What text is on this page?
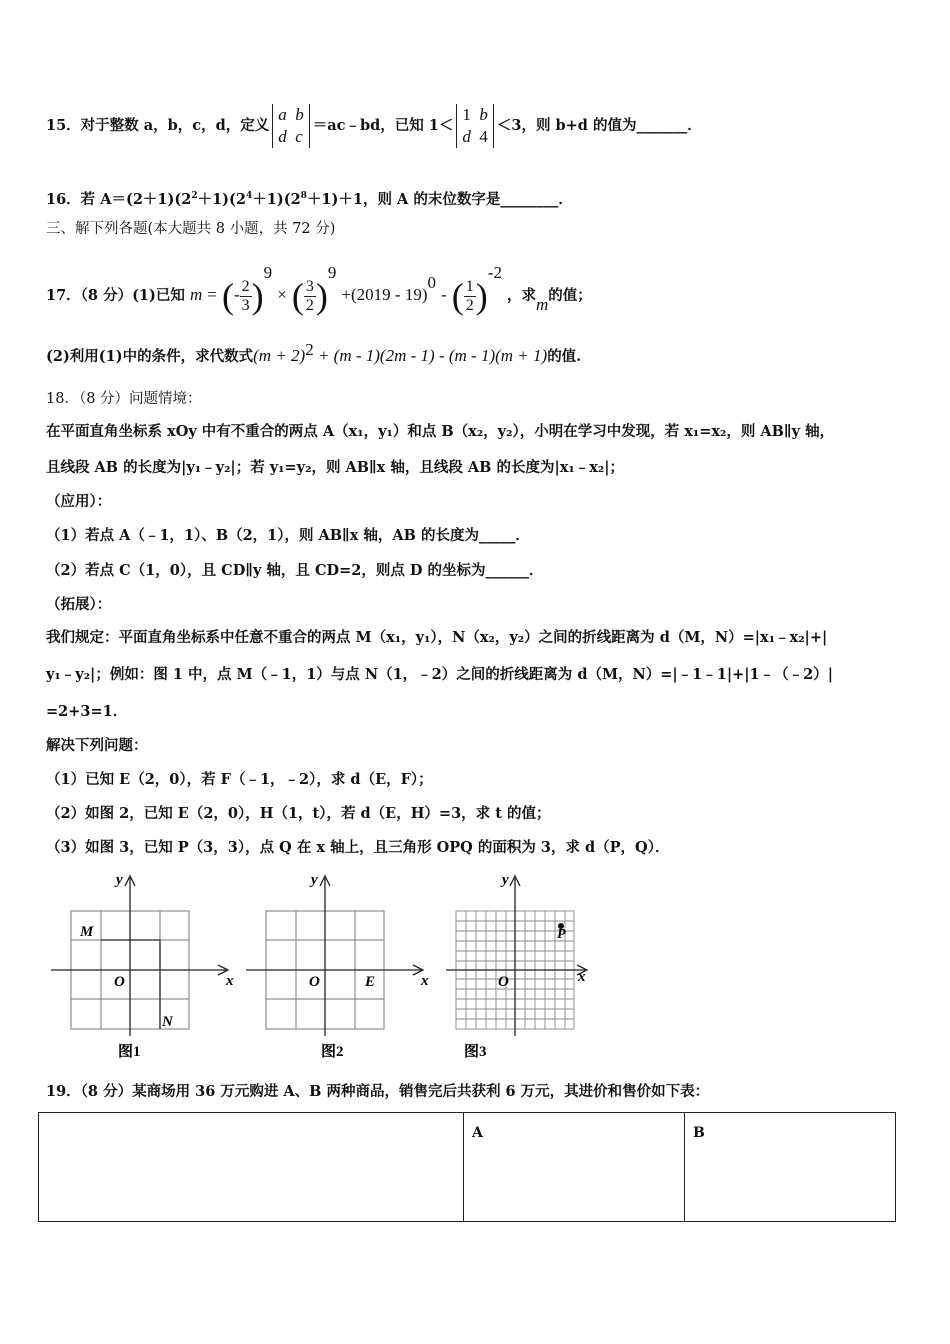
15．对于整数 a，b，c，d，定义
a b
d c
＝ac﹣bd，已知 1＜
1 b
d 4
＜3，则 b+d 的值为_______．
16．若 $A=(2+1)(2^2+1)(2^4+1)(2^8+1)+1$，则 A 的末位数字是________．
三、解下列各题(本大题共 8 小题，共 72 分)
17．（8 分）(1)已知 m = (- $\frac{2}{3} )^9$ × ( $\frac{3}{2} )^9 +(2019 - 19)^0$ - ( $\frac{1}{2} )^{-2}$ ，求m的值；
(2)利用(1)中的条件，求代数式$(m + 2)^2 + (m - 1)(2m - 1) - (m - 1)(m + 1)$的值.
18．（8 分）问题情境：
在平面直角坐标系 xOy 中有不重合的两点 A（x₁，y₁）和点 B（x₂，y₂），小明在学习中发现，若 x₁=x₂，则 AB∥y 轴，
且线段 AB 的长度为|y₁﹣y₂|；若 y₁=y₂，则 AB∥x 轴，且线段 AB 的长度为|x₁﹣x₂|；
（应用）：
（1）若点 A（﹣1，1）、B（2，1），则 AB∥x 轴，AB 的长度为_____．
（2）若点 C（1，0），且 CD∥y 轴，且 CD=2，则点 D 的坐标为______．
（拓展）：
我们规定：平面直角坐标系中任意不重合的两点 M（x₁，y₁），N（x₂，y₂）之间的折线距离为 d（M，N）=|x₁﹣x₂|+|
y₁﹣y₂|；例如：图 1 中，点 M（﹣1，1）与点 N（1，﹣2）之间的折线距离为 d（M，N）=|﹣1﹣1|+|1﹣（﹣2）|
=2+3=1．
解决下列问题：
（1）已知 E（2，0），若 F（﹣1，﹣2），求 d（E，F）；
（2）如图 2，已知 E（2，0），H（1，t），若 d（E，H）=3，求 t 的值；
（3）如图 3，已知 P（3，3），点 Q 在 x 轴上，且三角形 OPQ 的面积为 3，求 d（P，Q）．
y
x
O
M
N
图1
y
x
O	E
图2
y
x
O
P
图3
19．（8 分）某商场用 36 万元购进 A、B 两种商品，销售完后共获利 6 万元，其进价和售价如下表：
	A	B
